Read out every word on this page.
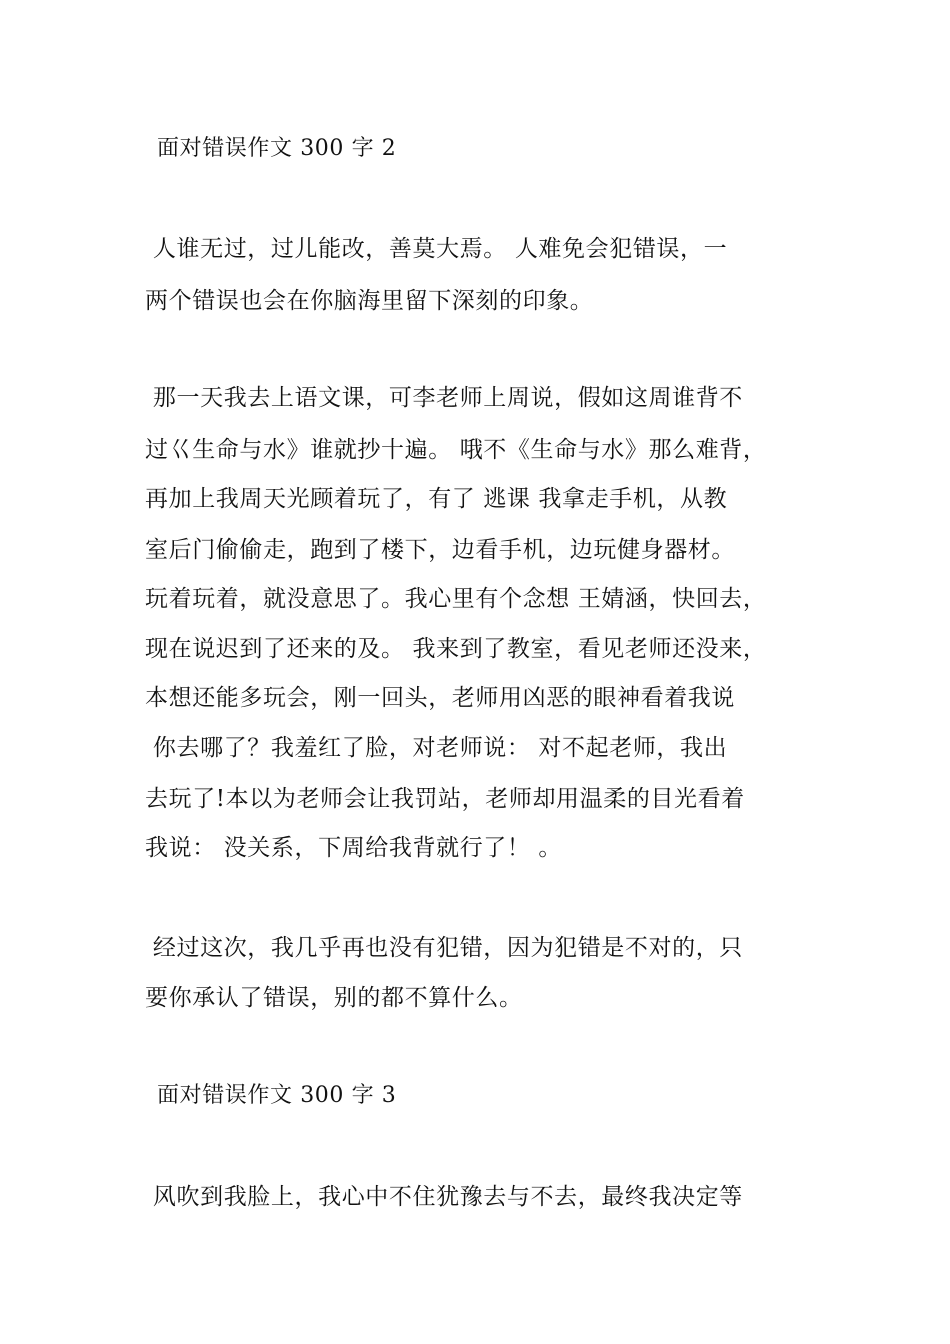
面对错误作文 300 字 2
人谁无过，过儿能改，善莫大焉。 人难免会犯错误，一
两个错误也会在你脑海里留下深刻的印象。
那一天我去上语文课，可李老师上周说，假如这周谁背不
过巜生命与水》谁就抄十遍。 哦不《生命与水》那么难背，
再加上我周天光顾着玩了，有了 逃课 我拿走手机，从教
室后门偷偷走，跑到了楼下，边看手机，边玩健身器材。
玩着玩着，就没意思了。我心里有个念想 王婧涵，快回去，
现在说迟到了还来的及。 我来到了教室，看见老师还没来，
本想还能多玩会，刚一回头，老师用凶恶的眼神看着我说
你去哪了？我羞红了脸，对老师说： 对不起老师，我出
去玩了!本以为老师会让我罚站，老师却用温柔的目光看着
我说： 没关系，下周给我背就行了！ 。
经过这次，我几乎再也没有犯错，因为犯错是不对的，只
要你承认了错误，别的都不算什么。
面对错误作文 300 字 3
风吹到我脸上，我心中不住犹豫去与不去，最终我决定等
